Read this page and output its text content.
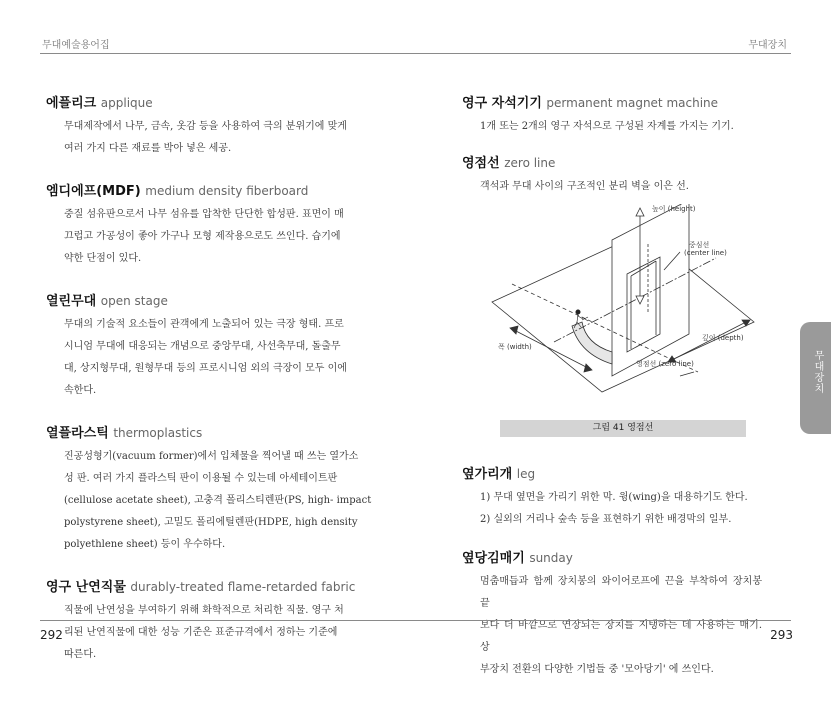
무대예술용어집	무대장치
에플리크 applique

무대제작에서 나무, 금속, 옷감 등을 사용하여 극의 분위기에 맞게

여러 가지 다른 재료를 박아 넣은 세공.

엠디에프(MDF) medium density fiberboard

중질 섬유판으로서 나무 섬유를 압착한 단단한 합성판. 표면이 매

끄럽고 가공성이 좋아 가구나 모형 제작용으로도 쓰인다. 습기에

약한 단점이 있다.

열린무대 open stage

무대의 기술적 요소들이 관객에게 노출되어 있는 극장 형태. 프로

시니엄 무대에 대응되는 개념으로 중앙무대, 사선축무대, 돌출무

대, 상지형무대, 원형무대 등의 프로시니엄 외의 극장이 모두 이에

속한다.

열플라스틱 thermoplastics

진공성형기(vacuum former)에서 입체물을 찍어낼 때 쓰는 열가소

성 판. 여러 가지 플라스틱 판이 이용될 수 있는데 아세테이트판

(cellulose acetate sheet), 고충격 폴리스티렌판(PS, high- impact

polystyrene sheet), 고밀도 폴리에틸렌판(HDPE, high density

polyethlene sheet) 등이 우수하다.

영구 난연직물 durably-treated flame-retarded fabric

직물에 난연성을 부여하기 위해 화학적으로 처리한 직물. 영구 처

리된 난연직물에 대한 성능 기준은 표준규격에서 정하는 기준에

따른다.

영구 자석기기 permanent magnet machine

1개 또는 2개의 영구 자석으로 구성된 자계를 가지는 기기.

영점선 zero line

객석과 무대 사이의 구조적인 분리 벽을 이은 선.

높이 (height)
중심선
(center line)
깊이 (depth)
폭 (width)
영점선 (zero line)
그림 41 영점선
옆가리개 leg

1) 무대 옆면을 가리기 위한 막. 윙(wing)을 대용하기도 한다.

2) 실외의 거리나 숲속 등을 표현하기 위한 배경막의 일부.

옆당김매기 sunday

멈춤매듭과 함께 장치봉의 와이어로프에 끈을 부착하여 장치봉 끝

보다 더 바깥으로 연장되는 장치를 지탱하는 데 사용하는 매기. 상

부장치 전환의 다양한 기법들 중 '모아당기' 에 쓰인다.

무대장치
292	293
